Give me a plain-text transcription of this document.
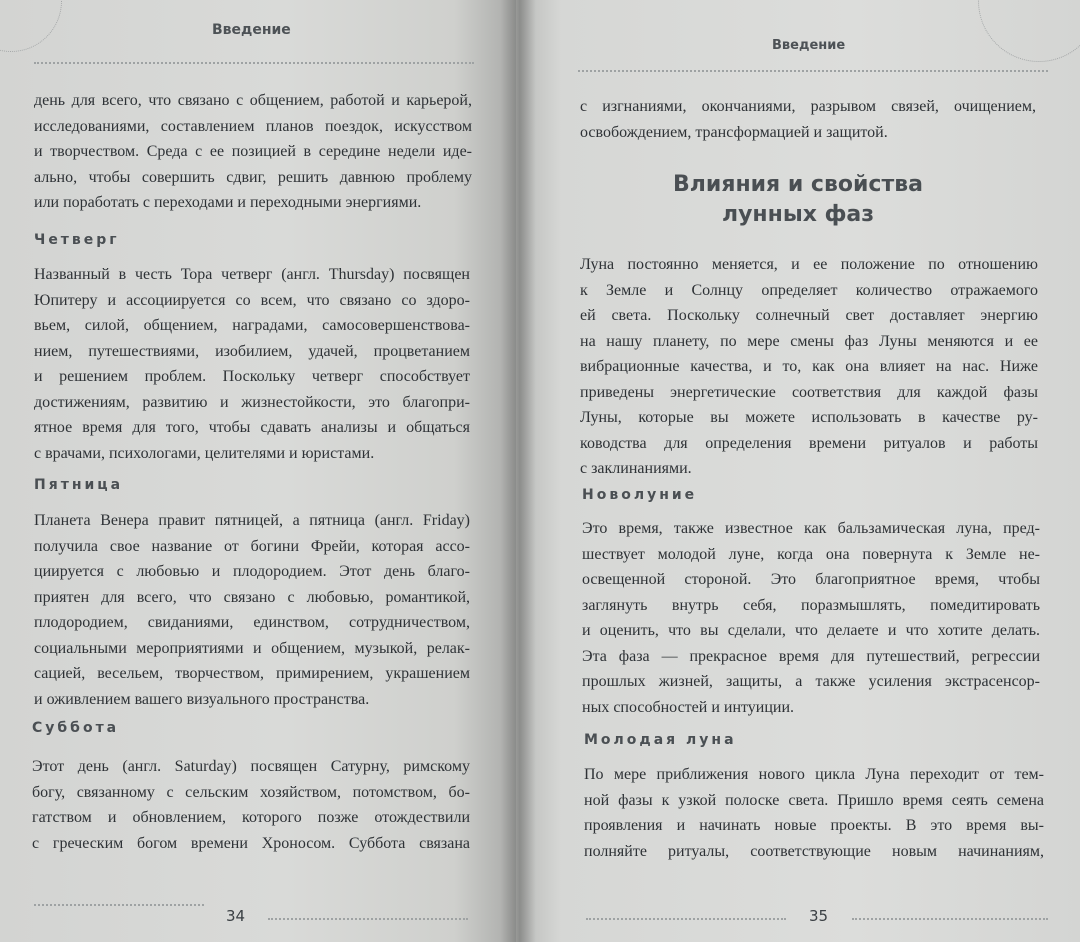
Введение
день для всего, что связано с общением, работой и карьерой,
исследованиями, составлением планов поездок, искусством
и творчеством. Среда с ее позицией в середине недели иде-
ально, чтобы совершить сдвиг, решить давнюю проблему
или поработать с переходами и переходными энергиями.
Четверг
Названный в честь Тора четверг (англ. Thursday) посвящен
Юпитеру и ассоциируется со всем, что связано со здоро-
вьем, силой, общением, наградами, самосовершенствова-
нием, путешествиями, изобилием, удачей, процветанием
и решением проблем. Поскольку четверг способствует
достижениям, развитию и жизнестойкости, это благопри-
ятное время для того, чтобы сдавать анализы и общаться
с врачами, психологами, целителями и юристами.
Пятница
Планета Венера правит пятницей, а пятница (англ. Friday)
получила свое название от богини Фрейи, которая ассо-
циируется с любовью и плодородием. Этот день благо-
приятен для всего, что связано с любовью, романтикой,
плодородием, свиданиями, единством, сотрудничеством,
социальными мероприятиями и общением, музыкой, релак-
сацией, весельем, творчеством, примирением, украшением
и оживлением вашего визуального пространства.
Суббота
Этот день (англ. Saturday) посвящен Сатурну, римскому
богу, связанному с сельским хозяйством, потомством, бо-
гатством и обновлением, которого позже отождествили
с греческим богом времени Хроносом. Суббота связана
34
Введение
с изгнаниями, окончаниями, разрывом связей, очищением,
освобождением, трансформацией и защитой.
Влияния и свойства
лунных фаз
Луна постоянно меняется, и ее положение по отношению
к Земле и Солнцу определяет количество отражаемого
ей света. Поскольку солнечный свет доставляет энергию
на нашу планету, по мере смены фаз Луны меняются и ее
вибрационные качества, и то, как она влияет на нас. Ниже
приведены энергетические соответствия для каждой фазы
Луны, которые вы можете использовать в качестве ру-
ководства для определения времени ритуалов и работы
с заклинаниями.
Новолуние
Это время, также известное как бальзамическая луна, пред-
шествует молодой луне, когда она повернута к Земле не-
освещенной стороной. Это благоприятное время, чтобы
заглянуть внутрь себя, поразмышлять, помедитировать
и оценить, что вы сделали, что делаете и что хотите делать.
Эта фаза — прекрасное время для путешествий, регрессии
прошлых жизней, защиты, а также усиления экстрасенсор-
ных способностей и интуиции.
Молодая луна
По мере приближения нового цикла Луна переходит от тем-
ной фазы к узкой полоске света. Пришло время сеять семена
проявления и начинать новые проекты. В это время вы-
полняйте ритуалы, соответствующие новым начинаниям,
35
